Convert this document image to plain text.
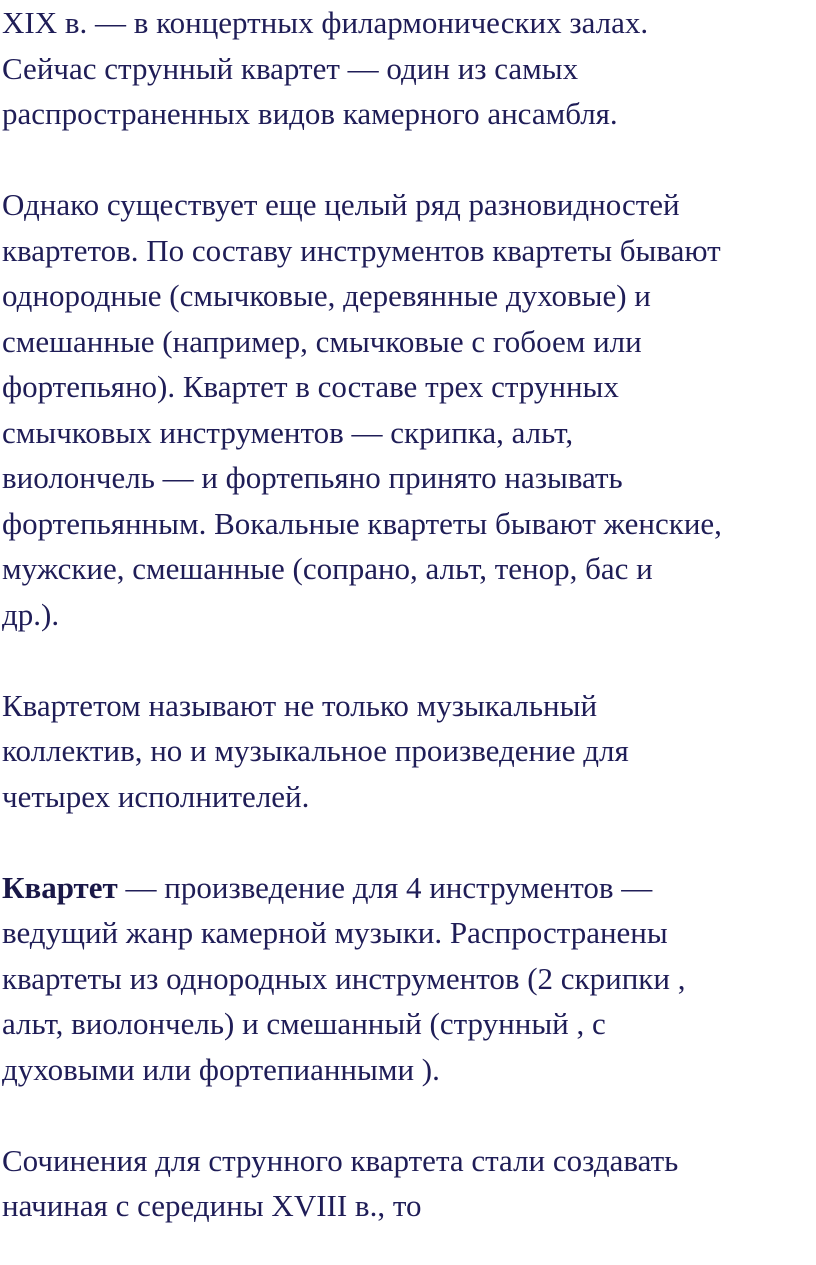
XIX в. — в концертных филармонических залах.
Сейчас струнный квартет — один из самых
распространенных видов камерного ансамбля.

Однако существует еще целый ряд разновидностей
квартетов. По составу инструментов квартеты бывают
однородные (смычковые, деревянные духовые) и
смешанные (например, смычковые с гобоем или
фортепьяно). Квартет в составе трех струнных
смычковых инструментов — скрипка, альт,
виолончель — и фортепьяно принято называть
фортепьянным. Вокальные квартеты бывают женские,
мужские, смешанные (сопрано, альт, тенор, бас и
др.).

Квартетом называют не только музыкальный
коллектив, но и музыкальное произведение для
четырех исполнителей.

Квартет — произведение для 4 инструментов —
ведущий жанр камерной музыки. Распространены
квартеты из однородных инструментов (2 скрипки ,
альт, виолончель) и смешанный (струнный , с
духовыми или фортепианными ).

Сочинения для струнного квартета стали создавать
начиная с середины XVIII в., то
